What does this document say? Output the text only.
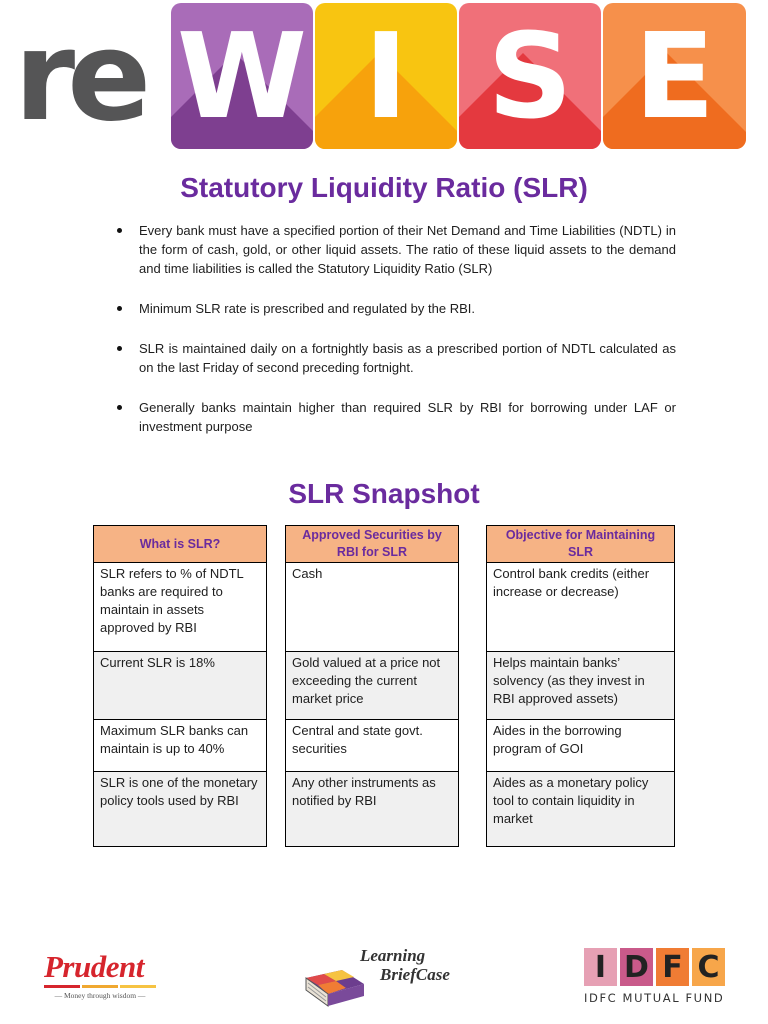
re W I S E
Statutory Liquidity Ratio (SLR)
Every bank must have a specified portion of their Net Demand and Time Liabilities (NDTL) in the form of cash, gold, or other liquid assets. The ratio of these liquid assets to the demand and time liabilities is called the Statutory Liquidity Ratio (SLR)
Minimum SLR rate is prescribed and regulated by the RBI.
SLR is maintained daily on a fortnightly basis as a prescribed portion of NDTL calculated as on the last Friday of second preceding fortnight.
Generally banks maintain higher than required SLR by RBI for borrowing under LAF or investment purpose
SLR Snapshot
What is SLR?
SLR refers to % of NDTL banks are required to maintain in assets approved by RBI
Current SLR is 18%
Maximum SLR banks can maintain is up to 40%
SLR is one of the monetary policy tools used by RBI
Approved Securities by RBI for SLR
Cash
Gold valued at a price not exceeding the current market price
Central and state govt. securities
Any other instruments as notified by RBI
Objective for Maintaining SLR
Control bank credits (either increase or decrease)
Helps maintain banks’ solvency (as they invest in RBI approved assets)
Aides in the borrowing program of GOI
Aides as a monetary policy tool to contain liquidity in market
Prudent
— Money through wisdom —
Learning
BriefCase	I D F C
IDFC MUTUAL FUND
